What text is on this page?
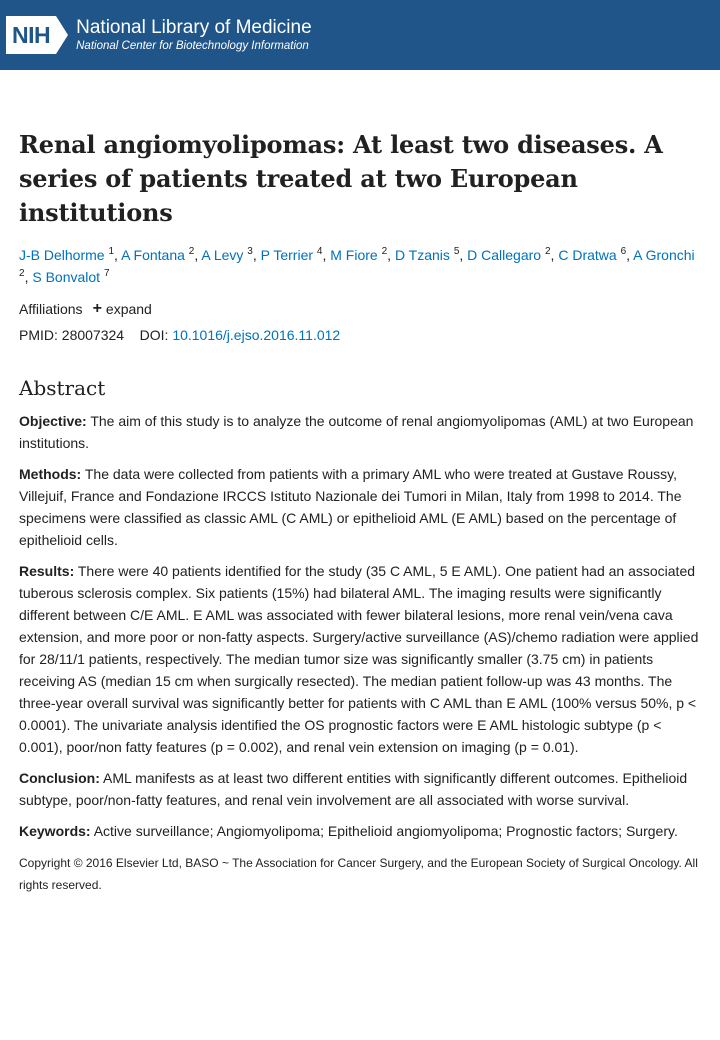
NIH National Library of Medicine
National Center for Biotechnology Information
Renal angiomyolipomas: At least two diseases. A series of patients treated at two European institutions
J-B Delhorme $^1$, A Fontana $^2$, A Levy $^3$, P Terrier $^4$, M Fiore $^2$, D Tzanis $^5$, D Callegaro $^2$, C Dratwa $^6$, A Gronchi $^2$, S Bonvalot $^7$
Affiliations + expand
PMID: 28007324 DOI: 10.1016/j.ejso.2016.11.012
Abstract

Objective: The aim of this study is to analyze the outcome of renal angiomyolipomas (AML) at two European institutions.

Methods: The data were collected from patients with a primary AML who were treated at Gustave Roussy, Villejuif, France and Fondazione IRCCS Istituto Nazionale dei Tumori in Milan, Italy from 1998 to 2014. The specimens were classified as classic AML (C AML) or epithelioid AML (E AML) based on the percentage of epithelioid cells.

Results: There were 40 patients identified for the study (35 C AML, 5 E AML). One patient had an associated tuberous sclerosis complex. Six patients (15%) had bilateral AML. The imaging results were significantly different between C/E AML. E AML was associated with fewer bilateral lesions, more renal vein/vena cava extension, and more poor or non-fatty aspects. Surgery/active surveillance (AS)/chemo radiation were applied for 28/11/1 patients, respectively. The median tumor size was significantly smaller (3.75 cm) in patients receiving AS (median 15 cm when surgically resected). The median patient follow-up was 43 months. The three-year overall survival was significantly better for patients with C AML than E AML (100% versus 50%, p < 0.0001). The univariate analysis identified the OS prognostic factors were E AML histologic subtype (p < 0.001), poor/non fatty features (p = 0.002), and renal vein extension on imaging (p = 0.01).

Conclusion: AML manifests as at least two different entities with significantly different outcomes. Epithelioid subtype, poor/non-fatty features, and renal vein involvement are all associated with worse survival.

Keywords: Active surveillance; Angiomyolipoma; Epithelioid angiomyolipoma; Prognostic factors; Surgery.

Copyright © 2016 Elsevier Ltd, BASO ~ The Association for Cancer Surgery, and the European Society of Surgical Oncology. All rights reserved.
